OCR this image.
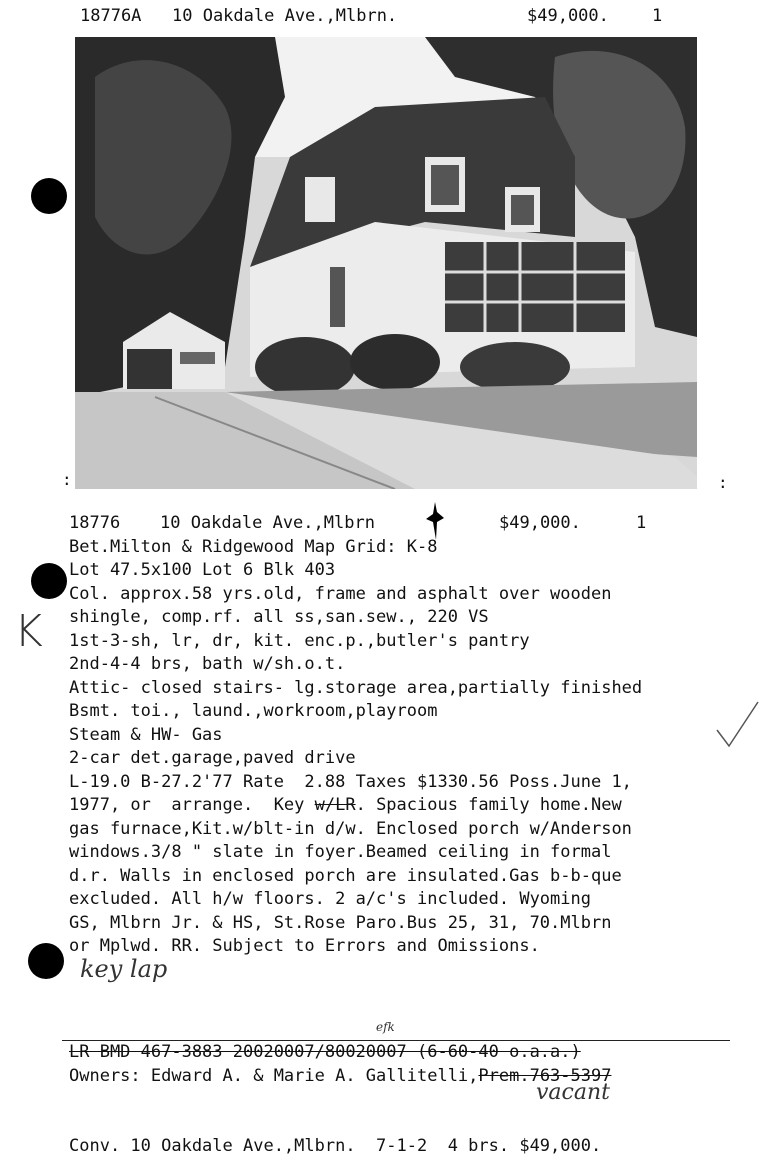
18776A 10 Oakdale Ave.,Mlbrn.	$49,000.	1
:	:
18776 10 Oakdale Ave.,Mlbrn	$49,000.	1
Bet.Milton & Ridgewood Map Grid: K-8
Lot 47.5x100 Lot 6 Blk 403
Col. approx.58 yrs.old, frame and asphalt over wooden
shingle, comp.rf. all ss,san.sew., 220 VS
1st-3-sh, lr, dr, kit. enc.p.,butler's pantry
2nd-4-4 brs, bath w/sh.o.t.
Attic- closed stairs- lg.storage area,partially finished
Bsmt. toi., laund.,workroom,playroom
Steam & HW- Gas
2-car det.garage,paved drive
L-19.0 B-27.2'77 Rate  2.88 Taxes $1330.56 Poss.June 1,
1977, or  arrange.  Key w/LR. Spacious family home.New
gas furnace,Kit.w/blt-in d/w. Enclosed porch w/Anderson
windows.3/8 " slate in foyer.Beamed ceiling in formal
d.r. Walls in enclosed porch are insulated.Gas b-b-que
excluded. All h/w floors. 2 a/c's included. Wyoming
GS, Mlbrn Jr. & HS, St.Rose Paro.Bus 25, 31, 70.Mlbrn
or Mplwd. RR. Subject to Errors and Omissions.
K
key lap
efk
vacant
LR BMD 467-3883 20020007/80020007 (6-60-40 o.a.a.)
Owners: Edward A. & Marie A. Gallitelli,Prem.763-5397
Conv. 10 Oakdale Ave.,Mlbrn.  7-1-2  4 brs. $49,000.
